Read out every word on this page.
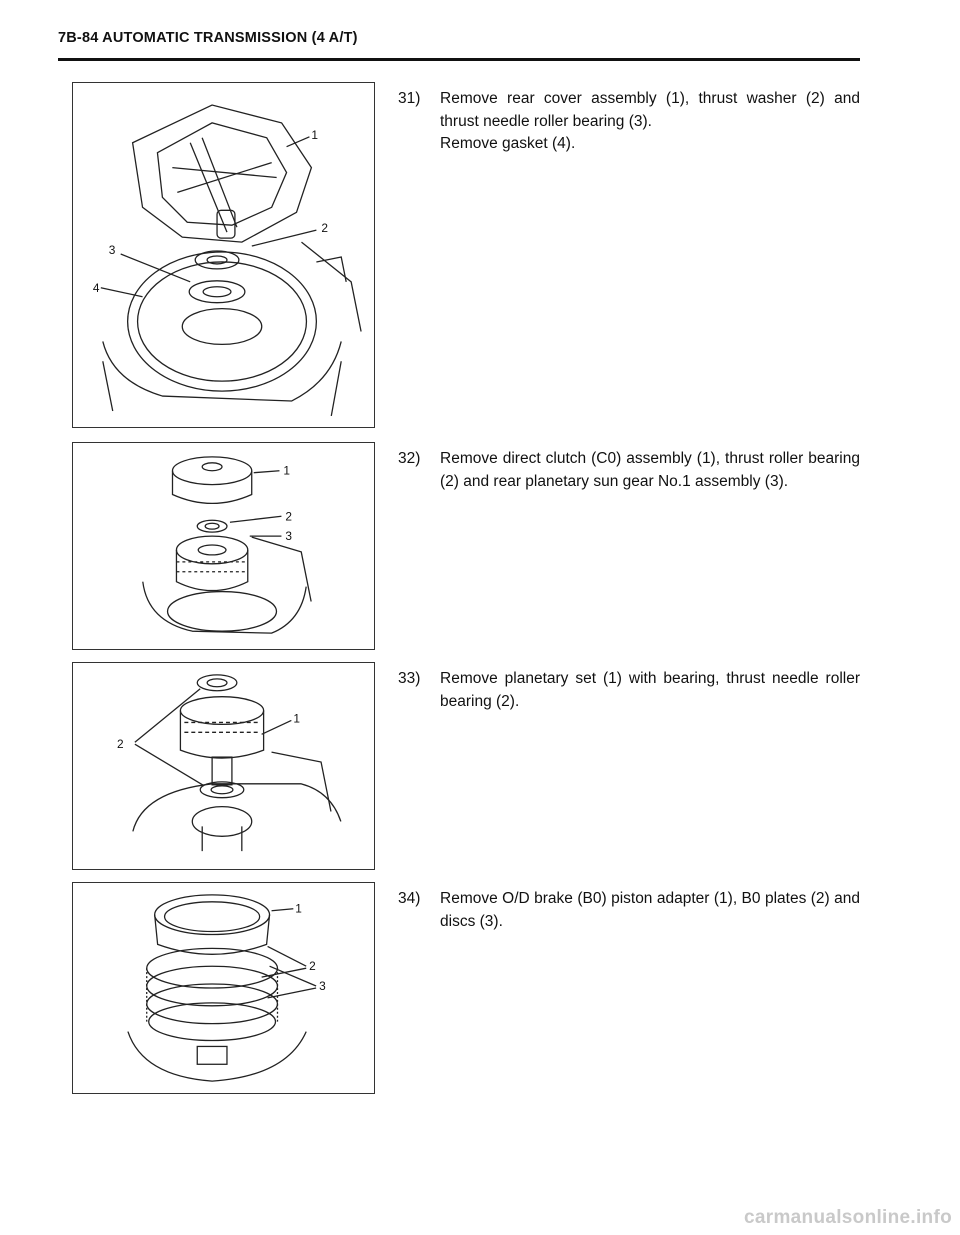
7B-84 AUTOMATIC TRANSMISSION (4 A/T)
1
2
3
4
31) Remove rear cover assembly (1), thrust washer (2) and thrust needle roller bearing (3).
Remove gasket (4).
1
2
3
32) Remove direct clutch (C0) assembly (1), thrust roller bearing (2) and rear planetary sun gear No.1 assembly (3).
1
2
33) Remove planetary set (1) with bearing, thrust needle roller bearing (2).
1
2
3
34) Remove O/D brake (B0) piston adapter (1), B0 plates (2) and discs (3).
carmanualsonline.info
